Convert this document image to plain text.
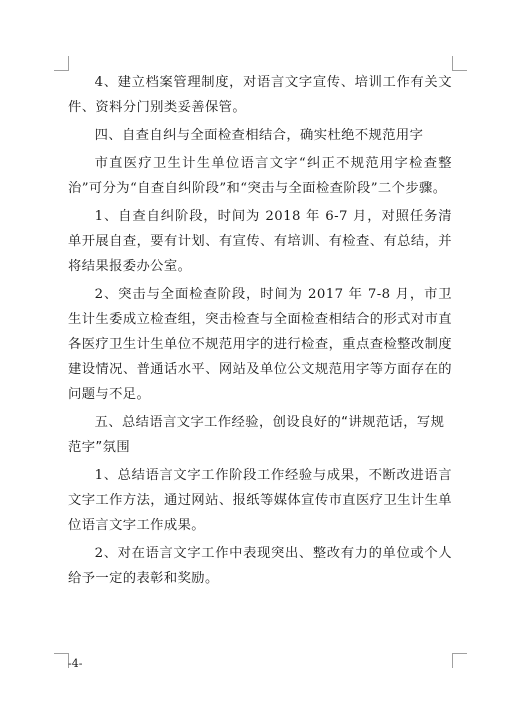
4、建立档案管理制度，对语言文字宣传、培训工作有关文件、资料分门别类妥善保管。

四、自查自纠与全面检查相结合，确实杜绝不规范用字

市直医疗卫生计生单位语言文字“纠正不规范用字检查整治”可分为“自查自纠阶段”和“突击与全面检查阶段”二个步骤。

1、自查自纠阶段，时间为 2018 年 6-7 月，对照任务清单开展自查，要有计划、有宣传、有培训、有检查、有总结，并将结果报委办公室。

2、突击与全面检查阶段，时间为 2017 年 7-8 月，市卫生计生委成立检查组，突击检查与全面检查相结合的形式对市直各医疗卫生计生单位不规范用字的进行检查，重点查检整改制度建设情况、普通话水平、网站及单位公文规范用字等方面存在的问题与不足。

五、总结语言文字工作经验，创设良好的“讲规范话，写规范字”氛围

1、总结语言文字工作阶段工作经验与成果，不断改进语言文字工作方法，通过网站、报纸等媒体宣传市直医疗卫生计生单位语言文字工作成果。

2、对在语言文字工作中表现突出、整改有力的单位或个人给予一定的表彰和奖励。

-4-
